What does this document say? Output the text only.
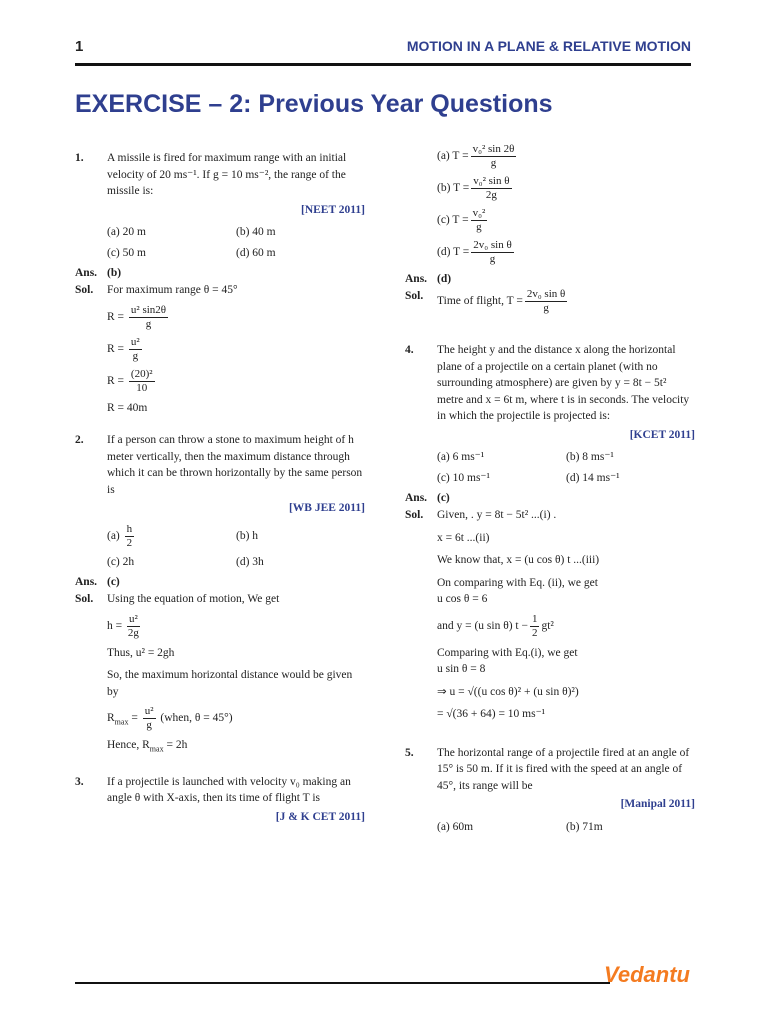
1	MOTION IN A PLANE & RELATIVE MOTION
EXERCISE – 2: Previous Year Questions
1. A missile is fired for maximum range with an initial velocity of 20 ms⁻¹. If g = 10 ms⁻², the range of the missile is:
[NEET 2011]
(a) 20 m	(b) 40 m
(c) 50 m	(d) 60 m
Ans. (b)
Sol. For maximum range θ = 45°
$R = \frac{\text{u² sin2θ}}{g}$
$R = \frac{\text{u²}}{g}$
$R = \frac{\text{(20)²}}{10}$
R = 40m
2. If a person can throw a stone to maximum height of h meter vertically, then the maximum distance through which it can be thrown horizontally by the same person is
[WB JEE 2011]
$(a) \frac{h}{2}$	(b) h
(c) 2h	(d) 3h
Ans. (c)
Sol. Using the equation of motion, We get
$h = \frac{\text{u²}}{2g}$
Thus, u² = 2gh
So, the maximum horizontal distance would be given by
$R_{max} = \frac{\text{u²}}{g}$ (when, θ = 45°)
Hence, $R_{max} = 2h$
3. If a projectile is launched with velocity v₀ making an angle θ with X-axis, then its time of flight T is
[J & K CET 2011]
(a) $T = \frac{\text{v₀² sin 2θ}}{g}$
(b) $T = \frac{\text{v₀² sin θ}}{2g}$
(c) $T = \frac{\text{v₀²}}{g}$
(d) $T = \frac{\text{2v₀ sin θ}}{g}$
Ans. (d)
Sol. Time of flight, $T = \frac{\text{2v₀ sin θ}}{g}$
4. The height y and the distance x along the horizontal plane of a projectile on a certain planet (with no surrounding atmosphere) are given by y = 8t − 5t² metre and x = 6t m, where t is in seconds. The velocity in which the projectile is projected is:
[KCET 2011]
(a) 6 ms⁻¹	(b) 8 ms⁻¹
(c) 10 ms⁻¹	(d) 14 ms⁻¹
Ans. (c)
Sol. Given, . y = 8t − 5t² ...(i) .
x = 6t ...(ii)
We know that, x = (u cos θ) t ...(iii)
On comparing with Eq. (ii), we get
u cos θ = 6
and y = (u sin θ) $t - \frac{1}{2} gt^2$
Comparing with Eq.(i), we get
u sin θ = 8
⇒ u = √((u cos θ)² + (u sin θ)²)
= √(36 + 64) = 10 ms⁻¹
5. The horizontal range of a projectile fired at an angle of 15° is 50 m. If it is fired with the speed at an angle of 45°, its range will be
[Manipal 2011]
(a) 60m	(b) 71m
Vedantu
